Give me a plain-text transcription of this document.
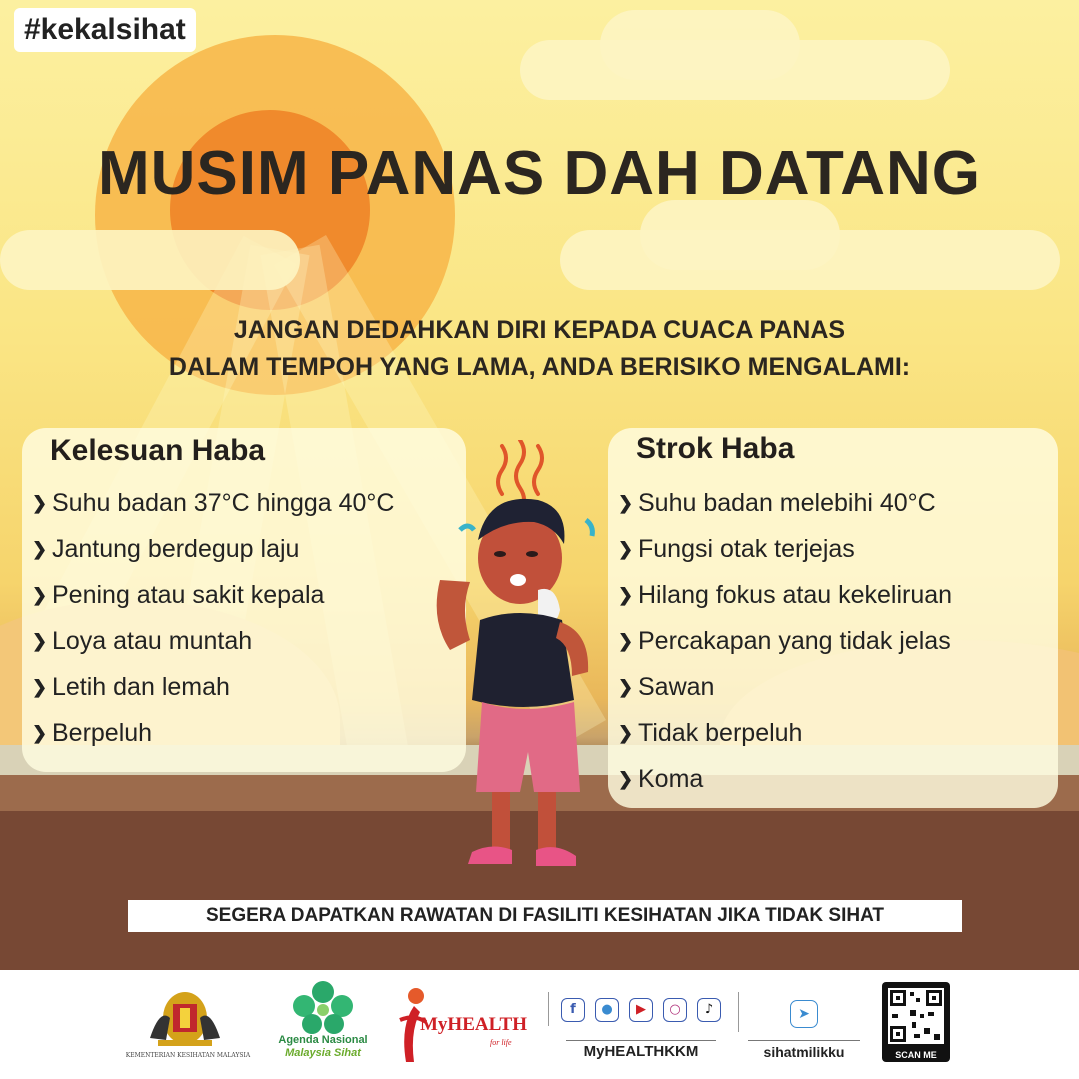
#kekalsihat
MUSIM PANAS DAH DATANG
JANGAN DEDAHKAN DIRI KEPADA CUACA PANAS
DALAM TEMPOH YANG LAMA, ANDA BERISIKO MENGALAMI:
Kelesuan Haba
❯ Suhu badan 37°C hingga 40°C
❯ Jantung berdegup laju
❯ Pening atau sakit kepala
❯ Loya atau muntah
❯ Letih dan lemah
❯ Berpeluh
Strok Haba
❯ Suhu badan melebihi 40°C
❯ Fungsi otak terjejas
❯ Hilang fokus atau kekeliruan
❯ Percakapan yang tidak jelas
❯ Sawan
❯ Tidak berpeluh
❯ Koma
SEGERA DAPATKAN RAWATAN DI FASILITI KESIHATAN JIKA TIDAK SIHAT
KEMENTERIAN KESIHATAN MALAYSIA
Agenda Nasional
Malaysia Sihat
MyHEALTH
for life
f	●	▶	○	♪
MyHEALTHKKM
➤
sihatmilikku	SCAN ME
